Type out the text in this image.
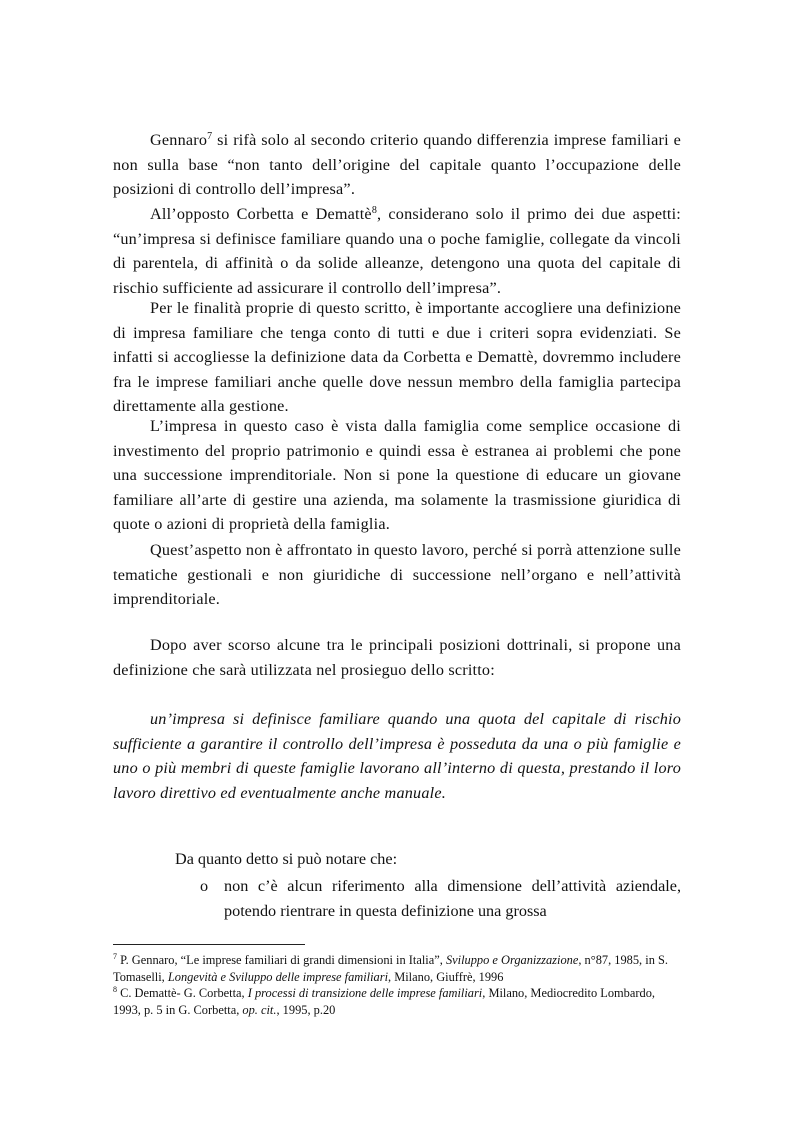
Gennaro$^7$ si rifà solo al secondo criterio quando differenzia imprese familiari e non sulla base “non tanto dell’origine del capitale quanto l’occupazione delle posizioni di controllo dell’impresa”.

All’opposto Corbetta e Demattè$^8$, considerano solo il primo dei due aspetti: “un’impresa si definisce familiare quando una o poche famiglie, collegate da vincoli di parentela, di affinità o da solide alleanze, detengono una quota del capitale di rischio sufficiente ad assicurare il controllo dell’impresa”.

Per le finalità proprie di questo scritto, è importante accogliere una definizione di impresa familiare che tenga conto di tutti e due i criteri sopra evidenziati. Se infatti si accogliesse la definizione data da Corbetta e Demattè, dovremmo includere fra le imprese familiari anche quelle dove nessun membro della famiglia partecipa direttamente alla gestione.

L’impresa in questo caso è vista dalla famiglia come semplice occasione di investimento del proprio patrimonio e quindi essa è estranea ai problemi che pone una successione imprenditoriale. Non si pone la questione di educare un giovane familiare all’arte di gestire una azienda, ma solamente la trasmissione giuridica di quote o azioni di proprietà della famiglia.

Quest’aspetto non è affrontato in questo lavoro, perché si porrà attenzione sulle tematiche gestionali e non giuridiche di successione nell’organo e nell’attività imprenditoriale.

Dopo aver scorso alcune tra le principali posizioni dottrinali, si propone una definizione che sarà utilizzata nel prosieguo dello scritto:

un’impresa si definisce familiare quando una quota del capitale di rischio sufficiente a garantire il controllo dell’impresa è posseduta da una o più famiglie e uno o più membri di queste famiglie lavorano all’interno di questa, prestando il loro lavoro direttivo ed eventualmente anche manuale.

Da quanto detto si può notare che:

o non c’è alcun riferimento alla dimensione dell’attività aziendale, potendo rientrare in questa definizione una grossa

$^7$ P. Gennaro, “Le imprese familiari di grandi dimensioni in Italia”, Sviluppo e Organizzazione, n°87, 1985, in S. Tomaselli, Longevità e Sviluppo delle imprese familiari, Milano, Giuffrè, 1996

$^8$ C. Demattè- G. Corbetta, I processi di transizione delle imprese familiari, Milano, Mediocredito Lombardo, 1993, p. 5 in G. Corbetta, op. cit., 1995, p.20
